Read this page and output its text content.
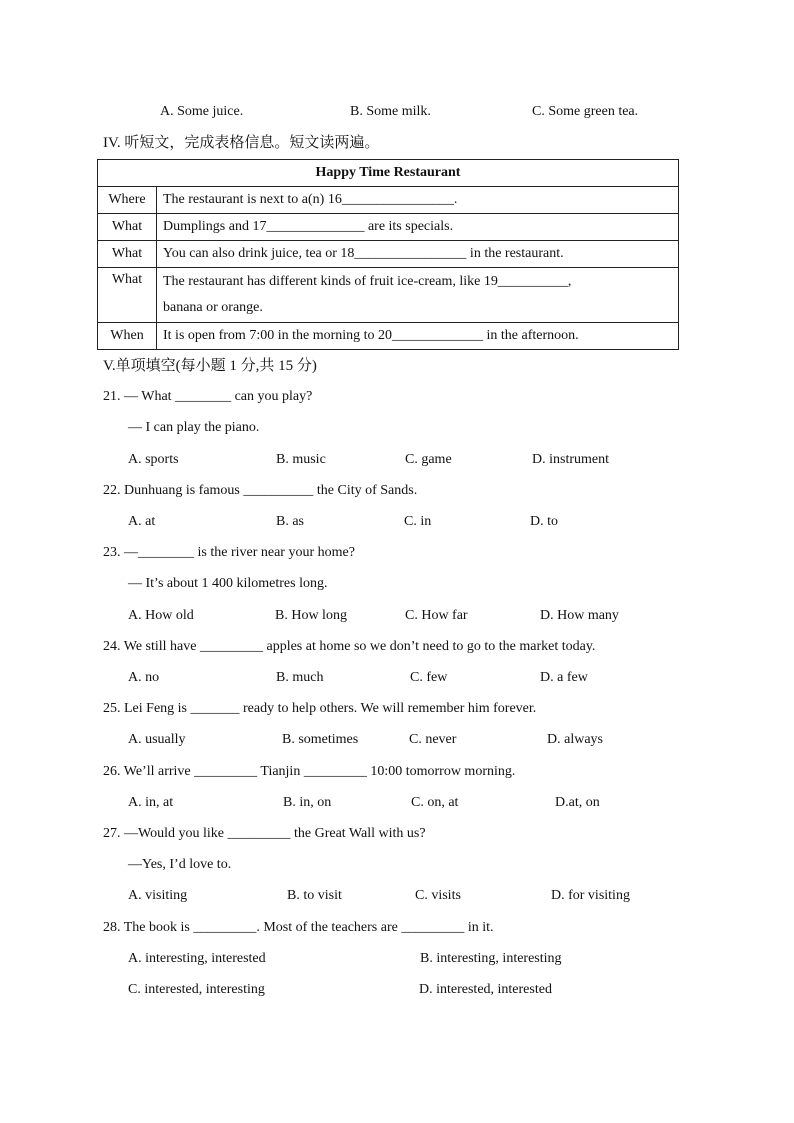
A. Some juice.	B. Some milk.	C. Some green tea.
IV. 听短文，完成表格信息。短文读两遍。
Happy Time Restaurant	
Where	The restaurant is next to a(n) 16________________.
What	Dumplings and 17______________ are its specials.
What	You can also drink juice, tea or 18________________ in the restaurant.
What	The restaurant has different kinds of fruit ice-cream, like 19__________,
banana or orange.

When	It is open from 7:00 in the morning to 20_____________ in the afternoon.
V.单项填空(每小题 1 分,共 15 分)
21. — What ________ can you play?
— I can play the piano.
A. sports	B. music	C. game	D. instrument
22. Dunhuang is famous __________ the City of Sands.
A. at	B. as	C. in	D. to
23. —________ is the river near your home?
— It’s about 1 400 kilometres long.
A. How old	B. How long	C. How far	D. How many
24. We still have _________ apples at home so we don’t need to go to the market today.
A. no	B. much	C. few	D. a few
25. Lei Feng is _______ ready to help others. We will remember him forever.
A. usually	B. sometimes	C. never	D. always
26. We’ll arrive _________ Tianjin _________ 10:00 tomorrow morning.
A. in, at	B. in, on	C. on, at	D.at, on
27. —Would you like _________ the Great Wall with us?
—Yes, I’d love to.
A. visiting	B. to visit	C. visits	D. for visiting
28. The book is _________. Most of the teachers are _________ in it.
A. interesting, interested	B. interesting, interesting
C. interested, interesting	D. interested, interested
